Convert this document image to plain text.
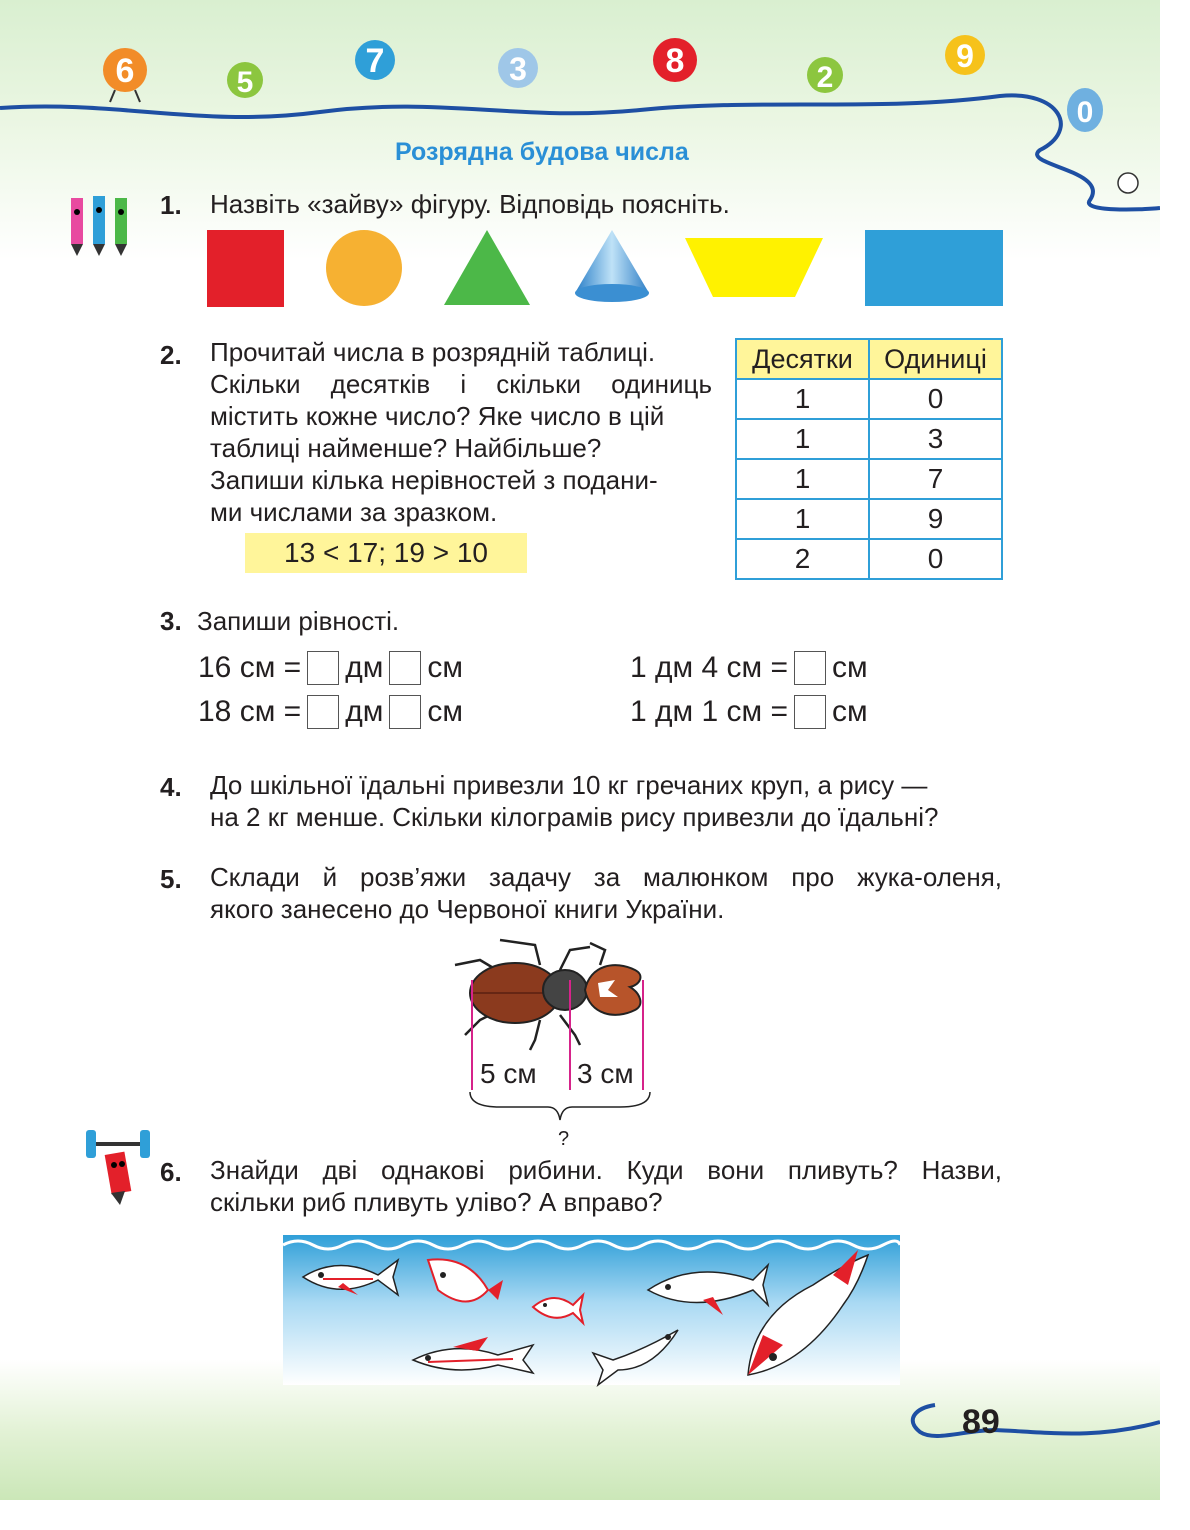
6	5
7	3	8	2
9
0
Розрядна будова числа
1. Назвіть «зайву» фігуру. Відповідь поясніть.
2. Прочитай числа в розрядній таблиці.
Скільки десятків і скільки одиниць
містить кожне число? Яке число в цій
таблиці найменше? Найбільше?
Запиши кілька нерівностей з подани-
ми числами за зразком.
13 < 17; 19 > 10
Десятки	Одиниці
1	0
1	3
1	7
1	9
2	0
3. Запиши рівності.
16 см = дм см
18 см = дм см
1 дм 4 см = см
1 дм 1 см = см
4. До шкільної їдальні привезли 10 кг гречаних круп, а рису —
на 2 кг менше. Скільки кілограмів рису привезли до їдальні?
5. Склади й розв’яжи задачу за малюнком про жука-оленя,
якого занесено до Червоної книги України.
5 см 3 см
?
6. Знайди дві однакові рибини. Куди вони пливуть? Назви,
скільки риб пливуть уліво? А вправо?
89
